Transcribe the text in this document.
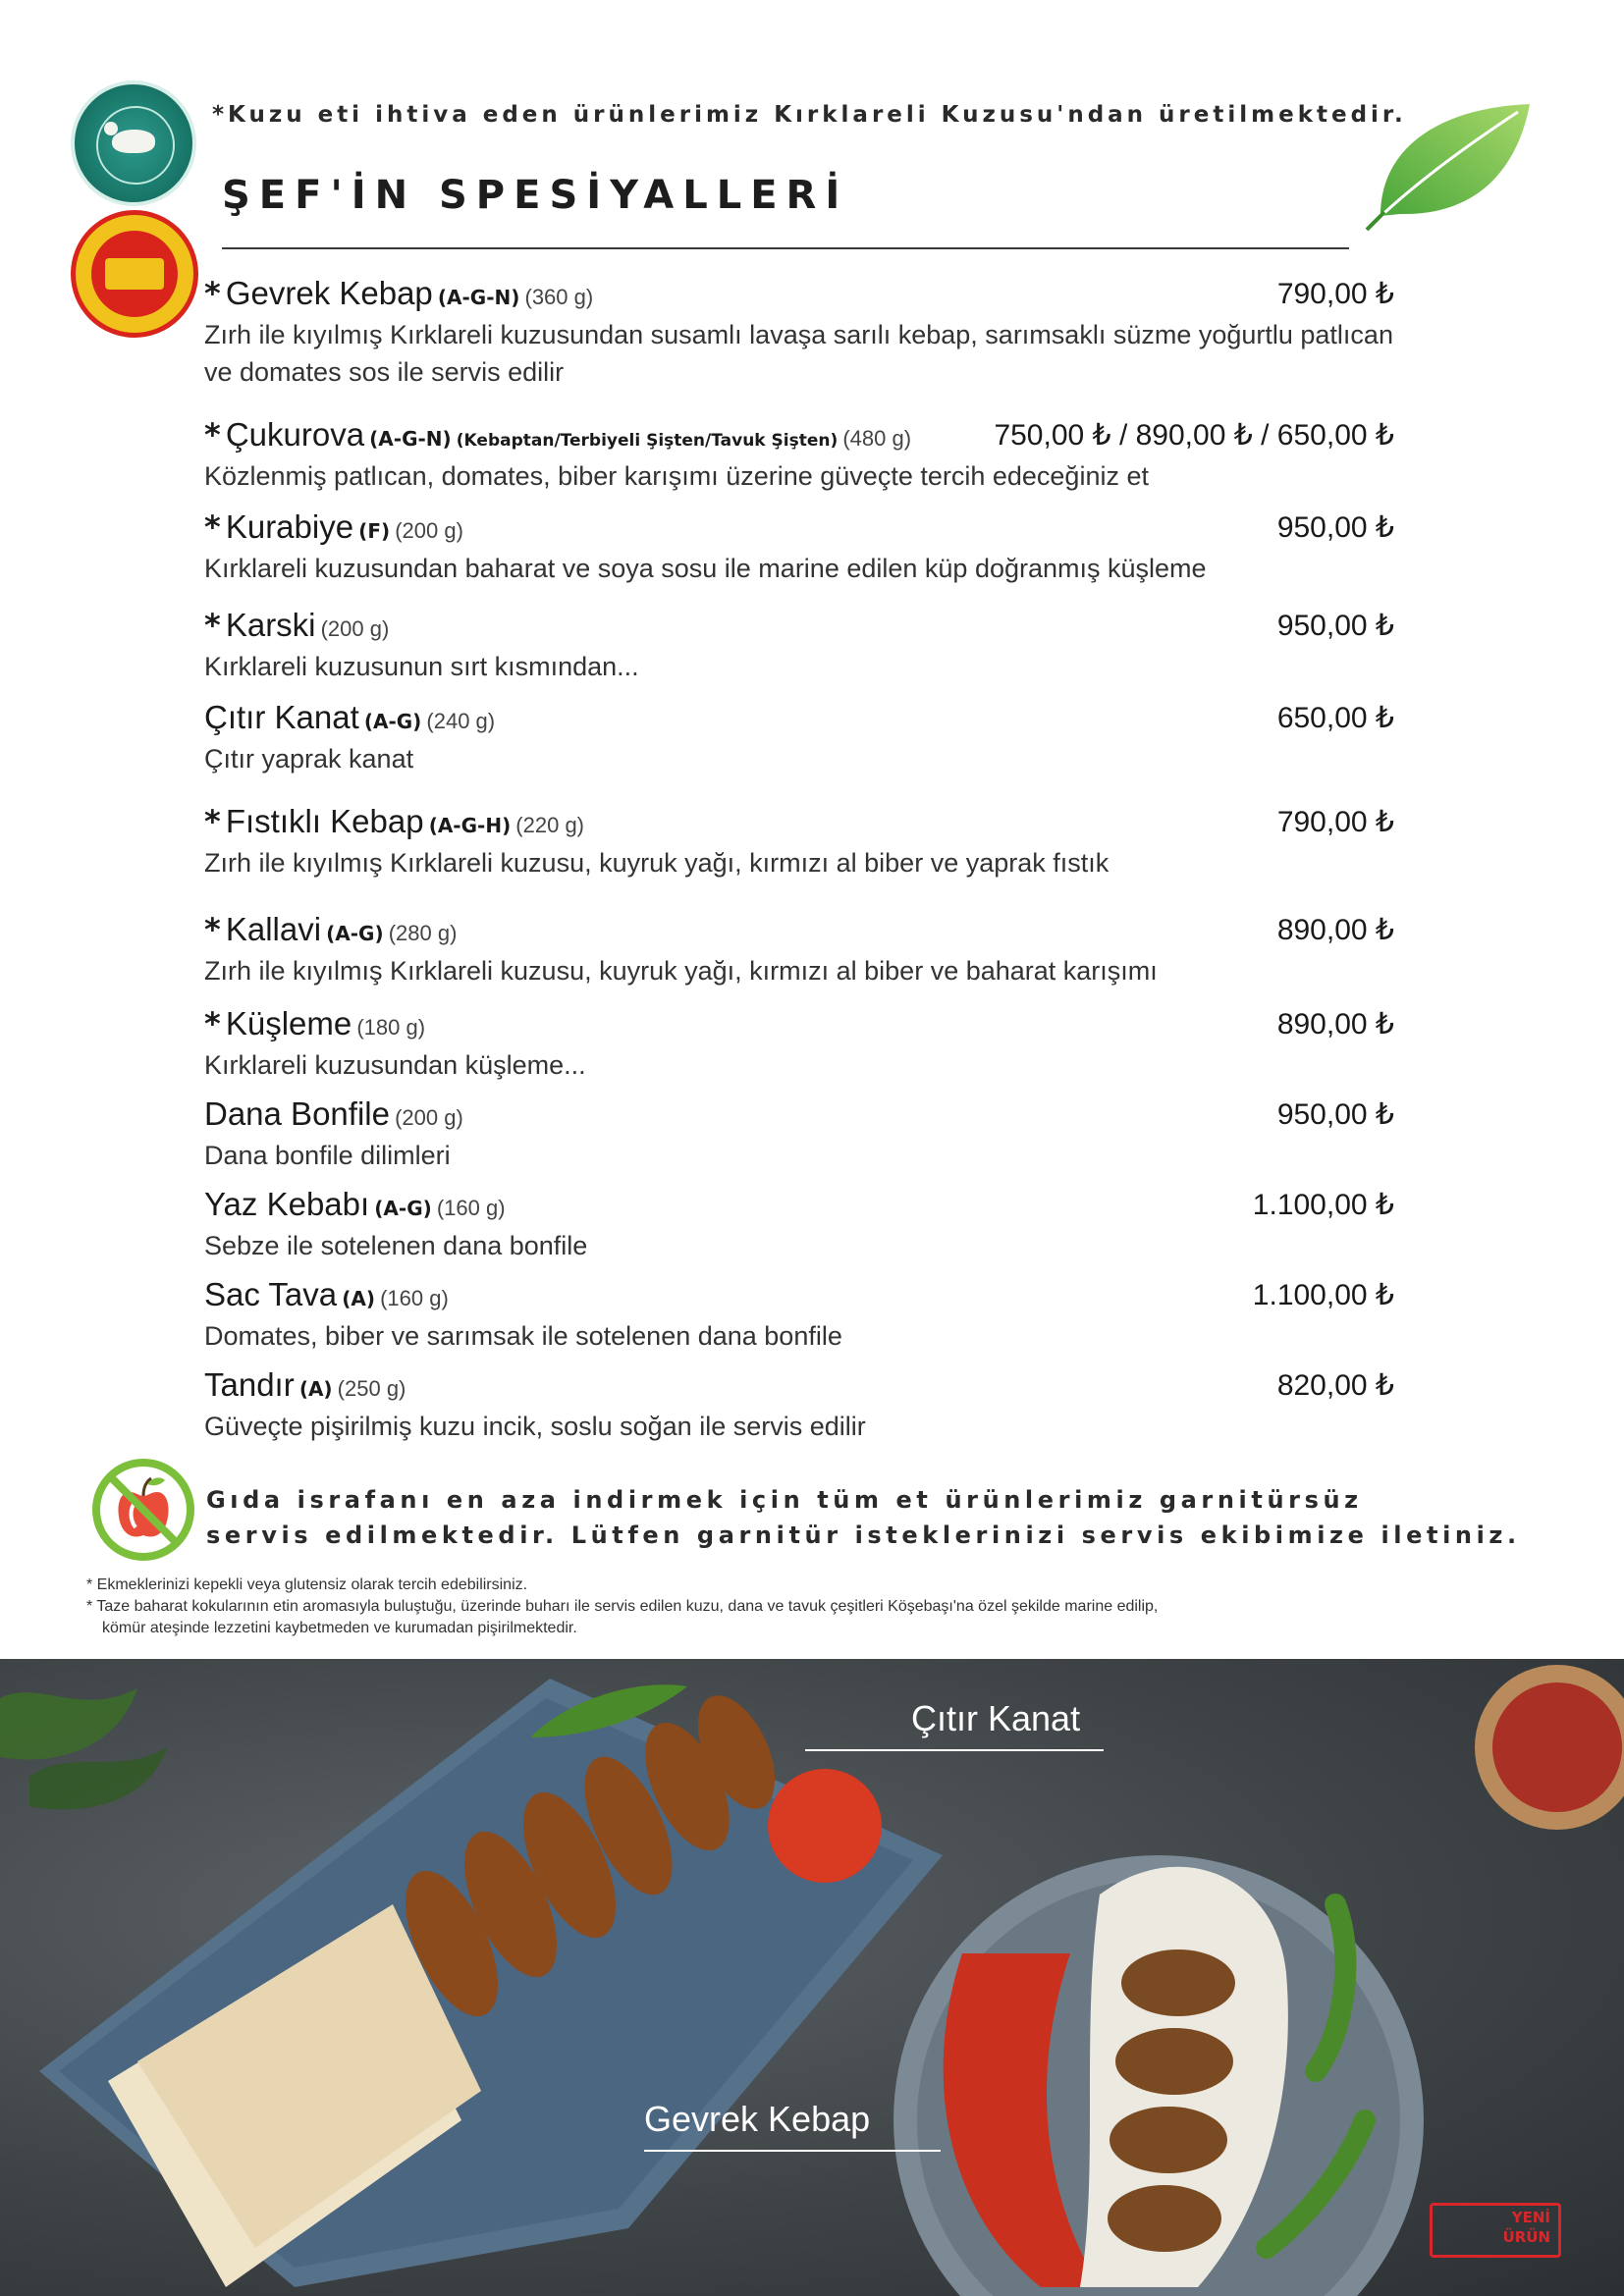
*Kuzu eti ihtiva eden ürünlerimiz Kırklareli Kuzusu'ndan üretilmektedir.
ŞEF'İN SPESİYALLERİ
* Gevrek Kebap (A-G-N) (360 g)	790,00 ₺
Zırh ile kıyılmış Kırklareli kuzusundan susamlı lavaşa sarılı kebap, sarımsaklı süzme yoğurtlu patlıcan ve domates sos ile servis edilir
* Çukurova (A-G-N) (Kebaptan/Terbiyeli Şişten/Tavuk Şişten) (480 g)	750,00 ₺ / 890,00 ₺ / 650,00 ₺
Közlenmiş patlıcan, domates, biber karışımı üzerine güveçte tercih edeceğiniz et
* Kurabiye (F) (200 g)	950,00 ₺
Kırklareli kuzusundan baharat ve soya sosu ile marine edilen küp doğranmış küşleme
* Karski (200 g)	950,00 ₺
Kırklareli kuzusunun sırt kısmından...
Çıtır Kanat (A-G) (240 g)	650,00 ₺
Çıtır yaprak kanat
* Fıstıklı Kebap (A-G-H) (220 g)	790,00 ₺
Zırh ile kıyılmış Kırklareli kuzusu, kuyruk yağı, kırmızı al biber ve yaprak fıstık
* Kallavi (A-G) (280 g)	890,00 ₺
Zırh ile kıyılmış Kırklareli kuzusu, kuyruk yağı, kırmızı al biber ve baharat karışımı
* Küşleme (180 g)	890,00 ₺
Kırklareli kuzusundan küşleme...
Dana Bonfile (200 g)	950,00 ₺
Dana bonfile dilimleri
Yaz Kebabı (A-G) (160 g)	1.100,00 ₺
Sebze ile sotelenen dana bonfile
Sac Tava (A) (160 g)	1.100,00 ₺
Domates, biber ve sarımsak ile sotelenen dana bonfile
Tandır (A) (250 g)	820,00 ₺
Güveçte pişirilmiş kuzu incik, soslu soğan ile servis edilir
Gıda israfanı en aza indirmek için tüm et ürünlerimiz garnitürsüz
servis edilmektedir. Lütfen garnitür isteklerinizi servis ekibimize iletiniz.
* Ekmeklerinizi kepekli veya glutensiz olarak tercih edebilirsiniz.
* Taze baharat kokularının etin aromasıyla buluştuğu, üzerinde buharı ile servis edilen kuzu, dana ve tavuk çeşitleri Köşebaşı'na özel şekilde marine edilip,
kömür ateşinde lezzetini kaybetmeden ve kurumadan pişirilmektedir.
Çıtır Kanat
Gevrek Kebap
YENİ
ÜRÜN
